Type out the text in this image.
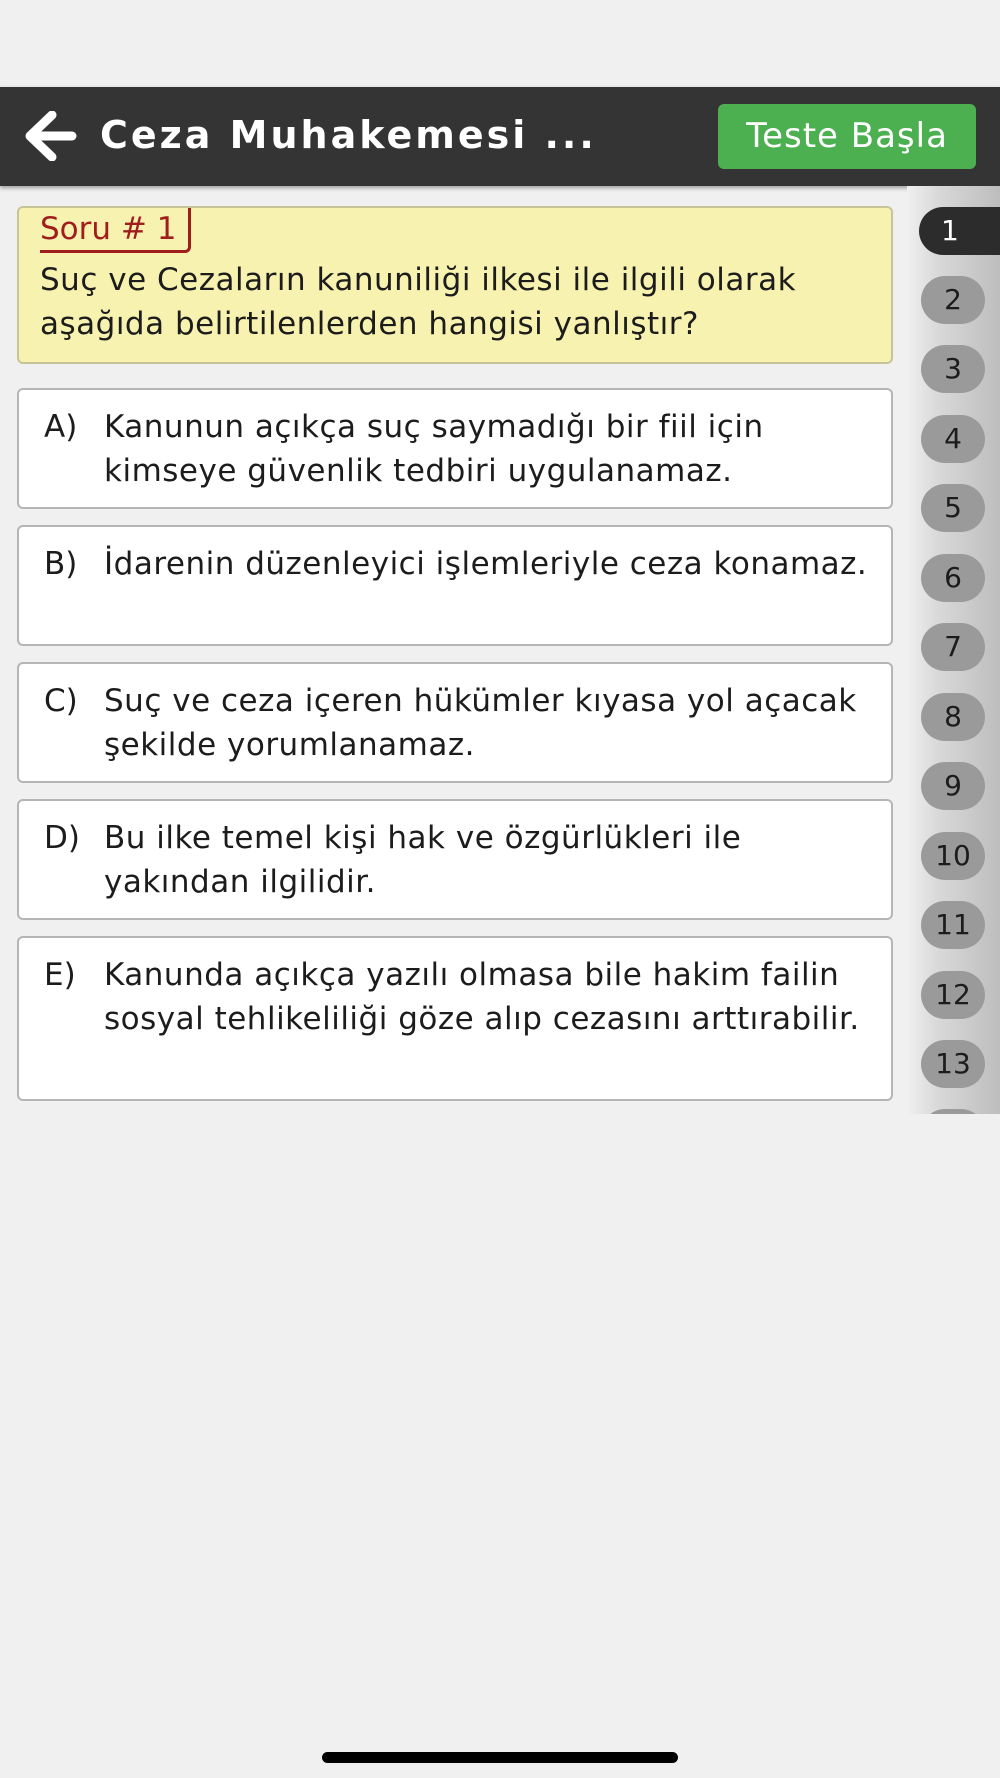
Ceza Muhakemesi ...	Teste Başla
Soru # 1
Suç ve Cezaların kanuniliği ilkesi ile ilgili olarak aşağıda belirtilenlerden hangisi yanlıştır?
A) Kanunun açıkça suç saymadığı bir fiil için kimseye güvenlik tedbiri uygulanamaz.
B) İdarenin düzenleyici işlemleriyle ceza konamaz.
C) Suç ve ceza içeren hükümler kıyasa yol açacak şekilde yorumlanamaz.
D) Bu ilke temel kişi hak ve özgürlükleri ile yakından ilgilidir.
E) Kanunda açıkça yazılı olmasa bile hakim failin sosyal tehlikeliliği göze alıp cezasını arttırabilir.
1
2
3
4
5
6
7
8
9
10
11
12
13
